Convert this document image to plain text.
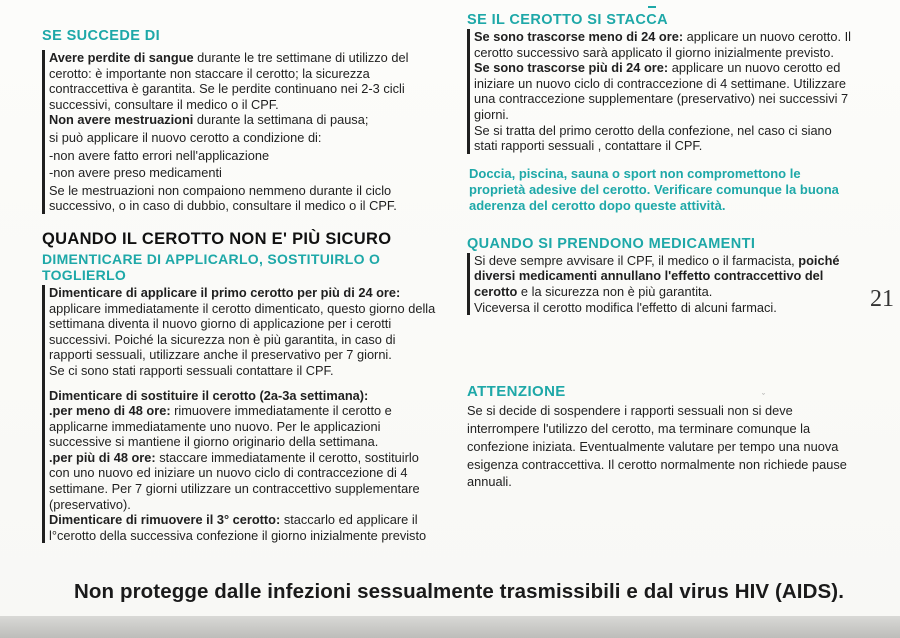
SE SUCCEDE DI

Avere perdite di sangue durante le tre settimane di utilizzo del cerotto: è importante non staccare il cerotto; la sicurezza contraccettiva è garantita. Se le perdite continuano nei 2-3 cicli successivi, consultare il medico o il CPF.

Non avere mestruazioni durante la settimana di pausa;

si può applicare il nuovo cerotto a condizione di:

-non avere fatto errori nell'applicazione

-non avere preso medicamenti

Se le mestruazioni non compaiono nemmeno durante il ciclo successivo, o in caso di dubbio, consultare il medico o il CPF.

QUANDO IL CEROTTO NON E' PIÙ SICURO
DIMENTICARE DI APPLICARLO, SOSTITUIRLO O TOGLIERLO

Dimenticare di applicare il primo cerotto per più di 24 ore: applicare immediatamente il cerotto dimenticato, questo giorno della settimana diventa il nuovo giorno di applicazione per i cerotti successivi. Poiché la sicurezza non è più garantita, in caso di rapporti sessuali, utilizzare anche il preservativo per 7 giorni.

Se ci sono stati rapporti sessuali contattare il CPF.

Dimenticare di sostituire il cerotto (2a-3a settimana):

.per meno di 48 ore: rimuovere immediatamente il cerotto e applicarne immediatamente uno nuovo. Per le applicazioni successive si mantiene il giorno originario della settimana.

.per più di 48 ore: staccare immediatamente il cerotto, sostituirlo con uno nuovo ed iniziare un nuovo ciclo di contraccezione di 4 settimane. Per 7 giorni utilizzare un contraccettivo supplementare (preservativo).

Dimenticare di rimuovere il 3° cerotto: staccarlo ed applicare il l°cerotto della successiva confezione il giorno inizialmente previsto

SE IL CEROTTO SI STACCA

Se sono trascorse meno di 24 ore: applicare un nuovo cerotto. Il cerotto successivo sarà applicato il giorno inizialmente previsto.

Se sono trascorse più di 24 ore: applicare un nuovo cerotto ed iniziare un nuovo ciclo di contraccezione di 4 settimane. Utilizzare una contraccezione supplementare (preservativo) nei successivi 7 giorni.

Se si tratta del primo cerotto della confezione, nel caso ci siano stati rapporti sessuali , contattare il CPF.

Doccia, piscina, sauna o sport non compromettono le proprietà adesive del cerotto. Verificare comunque la buona aderenza del cerotto dopo queste attività.

QUANDO SI PRENDONO MEDICAMENTI

Si deve sempre avvisare il CPF, il medico o il farmacista, poiché diversi medicamenti annullano l'effetto contraccettivo del cerotto e la sicurezza non è più garantita.

Viceversa il cerotto modifica l'effetto di alcuni farmaci.

ATTENZIONE

Se si decide di sospendere i rapporti sessuali non si deve interrompere l'utilizzo del cerotto, ma terminare comunque la confezione iniziata. Eventualmente valutare per tempo una nuova esigenza contraccettiva. Il cerotto normalmente non richiede pause annuali.

ˇ
21
Non protegge dalle infezioni sessualmente trasmissibili e dal virus HIV (AIDS).
